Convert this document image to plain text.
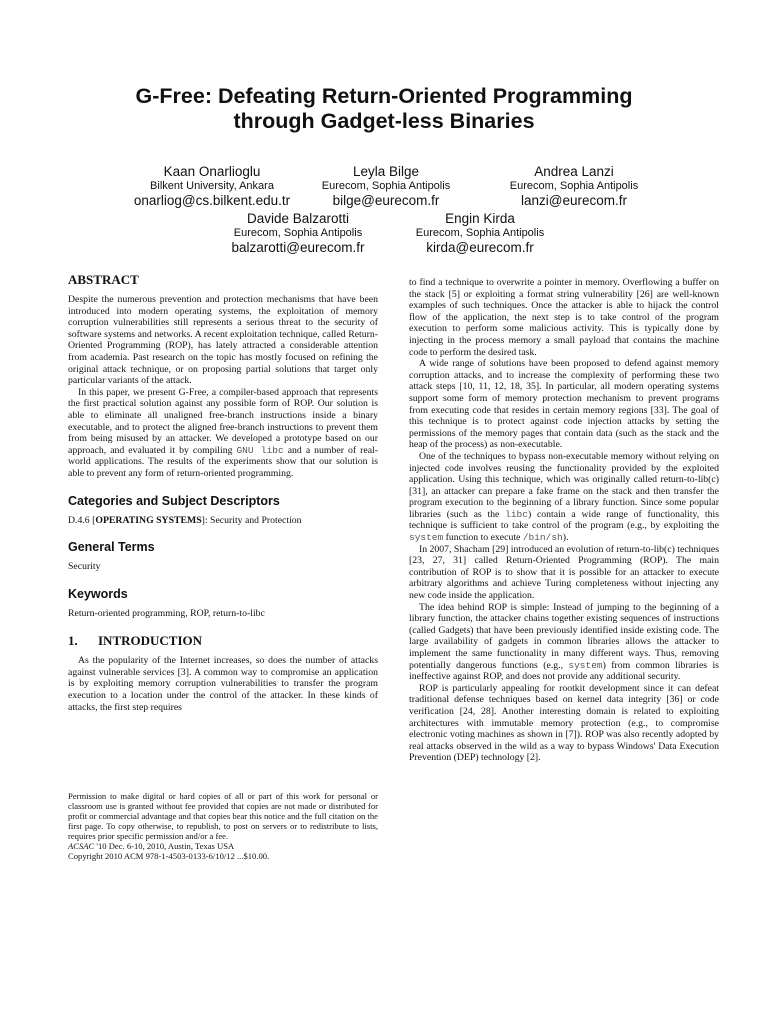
G-Free: Defeating Return-Oriented Programming
through Gadget-less Binaries
Kaan Onarlioglu
Bilkent University, Ankara
onarliog@cs.bilkent.edu.tr
Leyla Bilge
Eurecom, Sophia Antipolis
bilge@eurecom.fr
Andrea Lanzi
Eurecom, Sophia Antipolis
lanzi@eurecom.fr
Davide Balzarotti
Eurecom, Sophia Antipolis
balzarotti@eurecom.fr
Engin Kirda
Eurecom, Sophia Antipolis
kirda@eurecom.fr
ABSTRACT

Despite the numerous prevention and protection mechanisms that have been introduced into modern operating systems, the exploitation of memory corruption vulnerabilities still represents a serious threat to the security of software systems and networks. A recent exploitation technique, called Return-Oriented Programming (ROP), has lately attracted a considerable attention from academia. Past research on the topic has mostly focused on refining the original attack technique, or on proposing partial solutions that target only particular variants of the attack.

In this paper, we present G-Free, a compiler-based approach that represents the first practical solution against any possible form of ROP. Our solution is able to eliminate all unaligned free-branch instructions inside a binary executable, and to protect the aligned free-branch instructions to prevent them from being misused by an attacker. We developed a prototype based on our approach, and evaluated it by compiling GNU libc and a number of real-world applications. The results of the experiments show that our solution is able to prevent any form of return-oriented programming.

Categories and Subject Descriptors

D.4.6 [OPERATING SYSTEMS]: Security and Protection

General Terms

Security

Keywords

Return-oriented programming, ROP, return-to-libc

1. INTRODUCTION

As the popularity of the Internet increases, so does the number of attacks against vulnerable services [3]. A common way to compromise an application is by exploiting memory corruption vulnerabilities to transfer the program execution to a location under the control of the attacker. In these kinds of attacks, the first step requires

Permission to make digital or hard copies of all or part of this work for personal or classroom use is granted without fee provided that copies are not made or distributed for profit or commercial advantage and that copies bear this notice and the full citation on the first page. To copy otherwise, to republish, to post on servers or to redistribute to lists, requires prior specific permission and/or a fee.
ACSAC '10 Dec. 6-10, 2010, Austin, Texas USA
Copyright 2010 ACM 978-1-4503-0133-6/10/12 ...$10.00.

to find a technique to overwrite a pointer in memory. Overflowing a buffer on the stack [5] or exploiting a format string vulnerability [26] are well-known examples of such techniques. Once the attacker is able to hijack the control flow of the application, the next step is to take control of the program execution to perform some malicious activity. This is typically done by injecting in the process memory a small payload that contains the machine code to perform the desired task.

A wide range of solutions have been proposed to defend against memory corruption attacks, and to increase the complexity of performing these two attack steps [10, 11, 12, 18, 35]. In particular, all modern operating systems support some form of memory protection mechanism to prevent programs from executing code that resides in certain memory regions [33]. The goal of this technique is to protect against code injection attacks by setting the permissions of the memory pages that contain data (such as the stack and the heap of the process) as non-executable.

One of the techniques to bypass non-executable memory without relying on injected code involves reusing the functionality provided by the exploited application. Using this technique, which was originally called return-to-lib(c) [31], an attacker can prepare a fake frame on the stack and then transfer the program execution to the beginning of a library function. Since some popular libraries (such as the libc) contain a wide range of functionality, this technique is sufficient to take control of the program (e.g., by exploiting the system function to execute /bin/sh).

In 2007, Shacham [29] introduced an evolution of return-to-lib(c) techniques [23, 27, 31] called Return-Oriented Programming (ROP). The main contribution of ROP is to show that it is possible for an attacker to execute arbitrary algorithms and achieve Turing completeness without injecting any new code inside the application.

The idea behind ROP is simple: Instead of jumping to the beginning of a library function, the attacker chains together existing sequences of instructions (called Gadgets) that have been previously identified inside existing code. The large availability of gadgets in common libraries allows the attacker to implement the same functionality in many different ways. Thus, removing potentially dangerous functions (e.g., system) from common libraries is ineffective against ROP, and does not provide any additional security.

ROP is particularly appealing for rootkit development since it can defeat traditional defense techniques based on kernel data integrity [36] or code verification [24, 28]. Another interesting domain is related to exploiting architectures with immutable memory protection (e.g., to compromise electronic voting machines as shown in [7]). ROP was also recently adopted by real attacks observed in the wild as a way to bypass Windows' Data Execution Prevention (DEP) technology [2].
